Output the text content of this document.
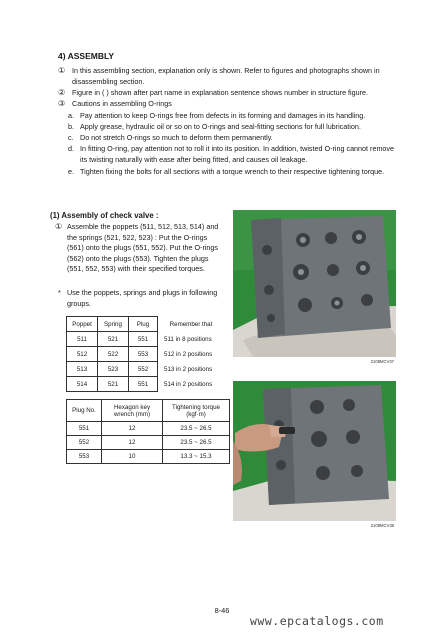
4) ASSEMBLY
① In this assembling section, explanation only is shown. Refer to figures and photographs shown in disassembling section.
② Figure in ( ) shown after part name in explanation sentence shows number in structure figure.
③ Cautions in assembling O-rings
a. Pay attention to keep O-rings free from defects in its forming and damages in its handling.
b. Apply grease, hydraulic oil or so on to O-rings and seal-fitting sections for full lubrication.
c. Do not stretch O-rings so much to deform them permanently.
d. In fitting O-ring, pay attention not to roll it into its position. In addition, twisted O-ring cannot remove its twisting naturally with ease after being fitted, and causes oil leakage.
e. Tighten fixing the bolts for all sections with a torque wrench to their respective tightening torque.
(1) Assembly of check valve :
① Assemble the poppets (511, 512, 513, 514) and the springs (521, 522, 523) : Put the O-rings (561) onto the plugs (551, 552). Put the O-rings (562) onto the plugs (553). Tighten the plugs (551, 552, 553) with their specified torques.
* Use the poppets, springs and plugs in following groups.
Poppet	Spring	Plug	Remember that
511	521	551	511 in 8 positions
512	522	553	512 in 2 positions
513	523	552	513 in 2 positions
514	521	551	514 in 2 positions
Plug No.	Hexagon key wrench (mm)	Tightening torque (kgf·m)
551	12	23.5 ~ 26.5
552	12	23.5 ~ 26.5
553	10	13.3 ~ 15.3
2108MCV37
2108MCV38
8-46
www.epcatalogs.com
